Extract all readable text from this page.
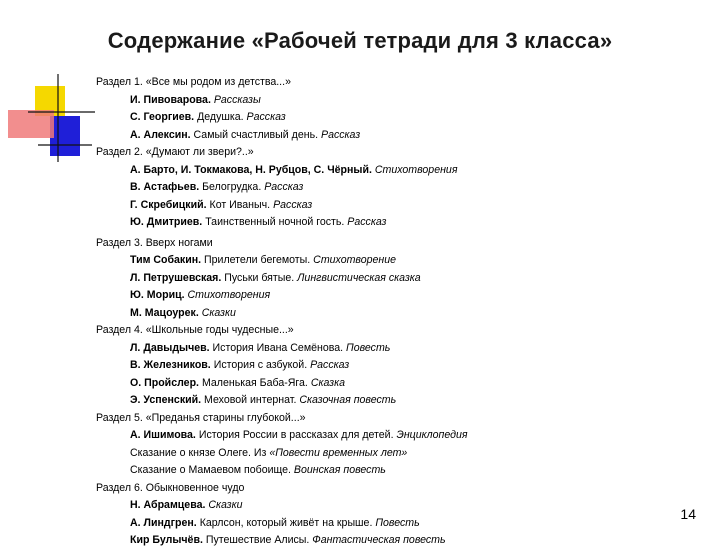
Содержание «Рабочей тетради для 3 класса»
Раздел 1. «Все мы родом из детства...»
И. Пивоварова. Рассказы
С. Георгиев. Дедушка. Рассказ
А. Алексин. Самый счастливый день. Рассказ
Раздел 2. «Думают ли звери?..»
А. Барто, И. Токмакова, Н. Рубцов, С. Чёрный. Стихотворения
В. Астафьев. Белогрудка. Рассказ
Г. Скребицкий. Кот Иваныч. Рассказ
Ю. Дмитриев. Таинственный ночной гость. Рассказ
Раздел 3. Вверх ногами
Тим Собакин. Прилетели бегемоты. Стихотворение
Л. Петрушевская. Пуськи бятые. Лингвистическая сказка
Ю. Мориц. Стихотворения
М. Мацоурек. Сказки
Раздел 4. «Школьные годы чудесные...»
Л. Давыдычев. История Ивана Семёнова. Повесть
В. Железников. История с азбукой. Рассказ
О. Пройслер. Маленькая Баба-Яга. Сказка
Э. Успенский. Меховой интернат. Сказочная повесть
Раздел 5. «Преданья старины глубокой...»
А. Ишимова. История России в рассказах для детей. Энциклопедия
Сказание о князе Олеге. Из «Повести временных лет»
Сказание о Мамаевом побоище. Воинская повесть
Раздел 6. Обыкновенное чудо
Н. Абрамцева. Сказки
А. Линдгрен. Карлсон, который живёт на крыше. Повесть
Кир Булычёв. Путешествие Алисы. Фантастическая повесть
14
